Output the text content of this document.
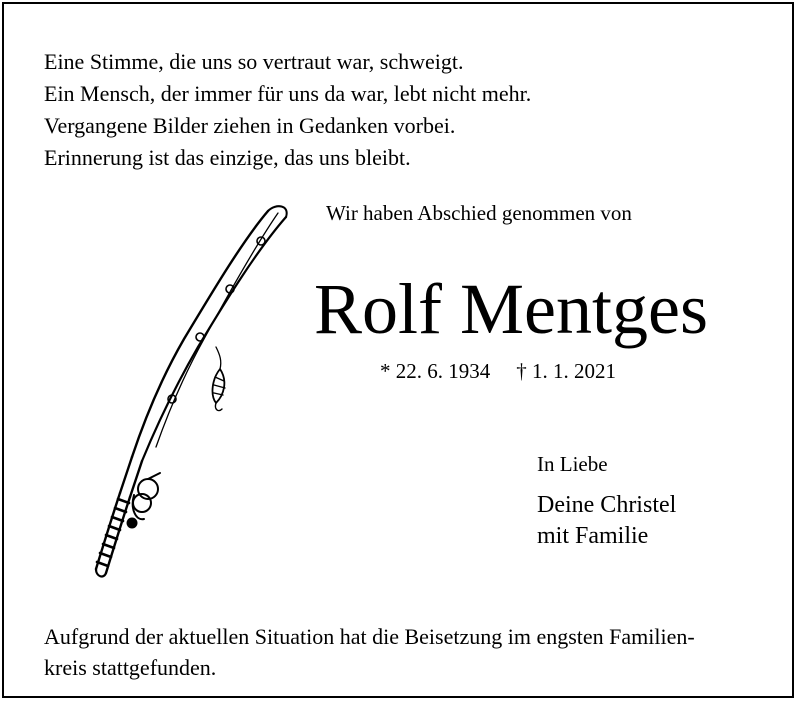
Eine Stimme, die uns so vertraut war, schweigt.
Ein Mensch, der immer für uns da war, lebt nicht mehr.
Vergangene Bilder ziehen in Gedanken vorbei.
Erinnerung ist das einzige, das uns bleibt.
Wir haben Abschied genommen von
Rolf Mentges
* 22. 6. 1934 † 1. 1. 2021
In Liebe
Deine Christel
mit Familie
Aufgrund der aktuellen Situation hat die Beisetzung im engsten Familien-
kreis stattgefunden.
